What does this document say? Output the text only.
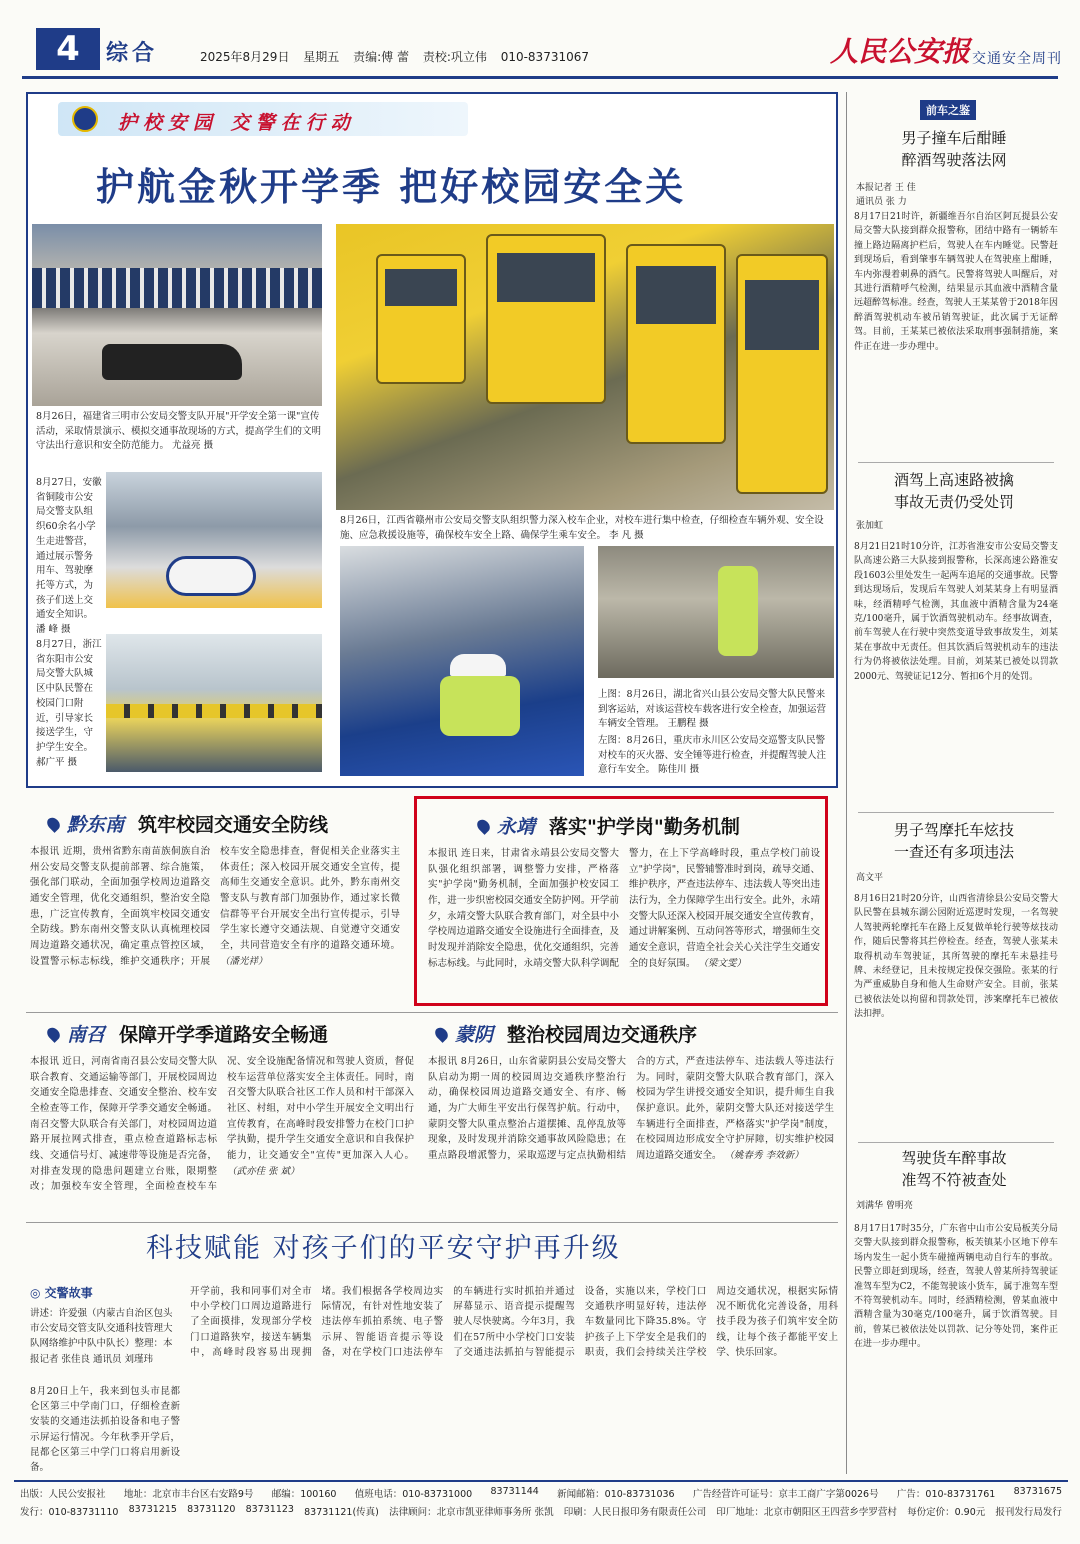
4	综合	2025年8月29日 星期五 责编:傅 蕾 责校:巩立伟 010-83731067	人民公安报 交通安全周刊
护校安园 交警在行动
护航金秋开学季 把好校园安全关
8月26日，福建省三明市公安局交警支队开展"开学安全第一课"宣传活动，采取情景演示、模拟交通事故现场的方式，提高学生们的文明守法出行意识和安全防范能力。 尤益亮 摄
8月26日，江西省赣州市公安局交警支队组织警力深入校车企业，对校车进行集中检查，仔细检查车辆外观、安全设施、应急救援设施等，确保校车安全上路、确保学生乘车安全。 李 凡 摄
8月27日，安徽省铜陵市公安局交警支队组织60余名小学生走进警营，通过展示警务用车、驾驶摩托等方式，为孩子们送上交通安全知识。 潘 峰 摄
8月27日，浙江省东阳市公安局交警大队城区中队民警在校园门口附近，引导家长接送学生，守护学生安全。 郝广平 摄
上图：8月26日，湖北省兴山县公安局交警大队民警来到客运站，对该运营校车载客进行安全检查，加强运营车辆安全管理。 王鹏程 摄
左图：8月26日，重庆市永川区公安局交巡警支队民警对校车的灭火器、安全锤等进行检查，并提醒驾驶人注意行车安全。 陈佳川 摄
黔东南 筑牢校园交通安全防线
本报讯 近期，贵州省黔东南苗族侗族自治州公安局交警支队提前部署、综合施策，强化部门联动，全面加强学校周边道路交通安全管理，优化交通组织，整治安全隐患，广泛宣传教育，全面筑牢校园交通安全防线。黔东南州交警支队认真梳理校园周边道路交通状况，确定重点管控区域，设置警示标志标线，维护交通秩序；开展校车安全隐患排查，督促相关企业落实主体责任；深入校园开展交通安全宣传，提高师生交通安全意识。此外，黔东南州交警支队与教育部门加强协作，通过家长微信群等平台开展安全出行宣传提示，引导学生家长遵守交通法规、自觉遵守交通安全，共同营造安全有序的道路交通环境。 （潘光祥）
永靖 落实"护学岗"勤务机制
本报讯 连日来，甘肃省永靖县公安局交警大队强化组织部署，调整警力安排，严格落实"护学岗"勤务机制，全面加强护校安园工作，进一步织密校园交通安全防护网。开学前夕，永靖交警大队联合教育部门，对全县中小学校周边道路交通安全设施进行全面排查，及时发现并消除安全隐患，优化交通组织，完善标志标线。与此同时，永靖交警大队科学调配警力，在上下学高峰时段，重点学校门前设立"护学岗"，民警辅警准时到岗，疏导交通、维护秩序，严查违法停车、违法载人等突出违法行为，全力保障学生出行安全。此外，永靖交警大队还深入校园开展交通安全宣传教育，通过讲解案例、互动问答等形式，增强师生交通安全意识，营造全社会关心关注学生交通安全的良好氛围。 （梁文雯）
南召 保障开学季道路安全畅通
本报讯 近日，河南省南召县公安局交警大队联合教育、交通运输等部门，开展校园周边交通安全隐患排查、交通安全整治、校车安全检查等工作，保障开学季交通安全畅通。南召交警大队联合有关部门，对校园周边道路开展拉网式排查，重点检查道路标志标线、交通信号灯、减速带等设施是否完备，对排查发现的隐患问题建立台账，限期整改；加强校车安全管理，全面检查校车车况、安全设施配备情况和驾驶人资质，督促校车运营单位落实安全主体责任。同时，南召交警大队联合社区工作人员和村干部深入社区、村组，对中小学生开展安全文明出行宣传教育，在高峰时段安排警力在校门口护学执勤，提升学生交通安全意识和自我保护能力，让交通安全"宣传"更加深入人心。 （武亦佳 张 斌）
蒙阴 整治校园周边交通秩序
本报讯 8月26日，山东省蒙阴县公安局交警大队启动为期一周的校园周边交通秩序整治行动，确保校园周边道路交通安全、有序、畅通，为广大师生平安出行保驾护航。行动中，蒙阴交警大队重点整治占道摆摊、乱停乱放等现象，及时发现并消除交通事故风险隐患；在重点路段增派警力，采取巡逻与定点执勤相结合的方式，严查违法停车、违法载人等违法行为。同时，蒙阴交警大队联合教育部门，深入校园为学生讲授交通安全知识，提升师生自我保护意识。此外，蒙阴交警大队还对接送学生车辆进行全面排查，严格落实"护学岗"制度，在校园周边形成安全守护屏障，切实维护校园周边道路交通安全。 （姚春秀 李效新）
科技赋能 对孩子们的平安守护再升级
◎ 交警故事
讲述：许爱强（内蒙古自治区包头市公安局交管支队交通科技管理大队网络维护中队中队长）整理：本报记者 张佳良 通讯员 刘瑾玮
8月20日上午，我来到包头市昆都仑区第三中学南门口，仔细检查新安装的交通违法抓拍设备和电子警示屏运行情况。今年秋季开学后，昆都仑区第三中学门口将启用新设备。
开学前，我和同事们对全市中小学校门口周边道路进行了全面摸排，发现部分学校门口道路狭窄，接送车辆集中，高峰时段容易出现拥堵。我们根据各学校周边实际情况，有针对性地安装了违法停车抓拍系统、电子警示屏、智能语音提示等设备，对在学校门口违法停车的车辆进行实时抓拍并通过屏幕显示、语音提示提醒驾驶人尽快驶离。今年3月，我们在57所中小学校门口安装了交通违法抓拍与智能提示设备，实施以来，学校门口交通秩序明显好转，违法停车数量同比下降35.8%。守护孩子上下学安全是我们的职责，我们会持续关注学校周边交通状况，根据实际情况不断优化完善设备，用科技手段为孩子们筑牢安全防线，让每个孩子都能平安上学、快乐回家。
前车之鉴
男子撞车后酣睡
醉酒驾驶落法网
本报记者 王 佳
通讯员 张 力
8月17日21时许，新疆维吾尔自治区阿瓦提县公安局交警大队接到群众报警称，团结中路有一辆轿车撞上路边隔离护栏后，驾驶人在车内睡觉。民警赶到现场后，看到肇事车辆驾驶人在驾驶座上酣睡，车内弥漫着刺鼻的酒气。民警将驾驶人叫醒后，对其进行酒精呼气检测，结果显示其血液中酒精含量远超醉驾标准。经查，驾驶人王某某曾于2018年因醉酒驾驶机动车被吊销驾驶证，此次属于无证醉驾。目前，王某某已被依法采取刑事强制措施，案件正在进一步办理中。
酒驾上高速路被擒
事故无责仍受处罚
张加虹
8月21日21时10分许，江苏省淮安市公安局交警支队高速公路三大队接到报警称，长深高速公路淮安段1603公里处发生一起两车追尾的交通事故。民警到达现场后，发现后车驾驶人刘某某身上有明显酒味，经酒精呼气检测，其血液中酒精含量为24毫克/100毫升，属于饮酒驾驶机动车。经事故调查，前车驾驶人在行驶中突然变道导致事故发生，刘某某在事故中无责任。但其饮酒后驾驶机动车的违法行为仍将被依法处理。目前，刘某某已被处以罚款2000元、驾驶证记12分、暂扣6个月的处罚。
男子驾摩托车炫技
一查还有多项违法
高文平
8月16日21时20分许，山西省清徐县公安局交警大队民警在县城东湖公园附近巡逻时发现，一名驾驶人驾驶两轮摩托车在路上反复做单轮行驶等炫技动作，随后民警将其拦停检查。经查，驾驶人张某未取得机动车驾驶证，其所驾驶的摩托车未悬挂号牌、未经登记，且未按规定投保交强险。张某的行为严重威胁自身和他人生命财产安全。目前，张某已被依法处以拘留和罚款处罚，涉案摩托车已被依法扣押。
驾驶货车醉事故
准驾不符被查处
刘满华 曾明亮
8月17日17时35分，广东省中山市公安局板芙分局交警大队接到群众报警称，板芙镇某小区地下停车场内发生一起小货车碰撞两辆电动自行车的事故。民警立即赶到现场，经查，驾驶人曾某所持驾驶证准驾车型为C2，不能驾驶该小货车，属于准驾车型不符驾驶机动车。同时，经酒精检测，曾某血液中酒精含量为30毫克/100毫升，属于饮酒驾驶。目前，曾某已被依法处以罚款、记分等处罚，案件正在进一步办理中。
出版：人民公安报社 地址：北京市丰台区右安路9号 邮编：100160 值班电话：010-83731000 83731144 新闻邮箱：010-83731036 广告经营许可证号：京丰工商广字第0026号 广告：010-83731761 83731675
发行：010-83731110 83731215 83731120 83731123 83731121(传真) 法律顾问：北京市凯亚律师事务所 张凯 印刷：人民日报印务有限责任公司 印厂地址：北京市朝阳区王四营乡孛罗营村 每份定价：0.90元 报刊发行局发行
